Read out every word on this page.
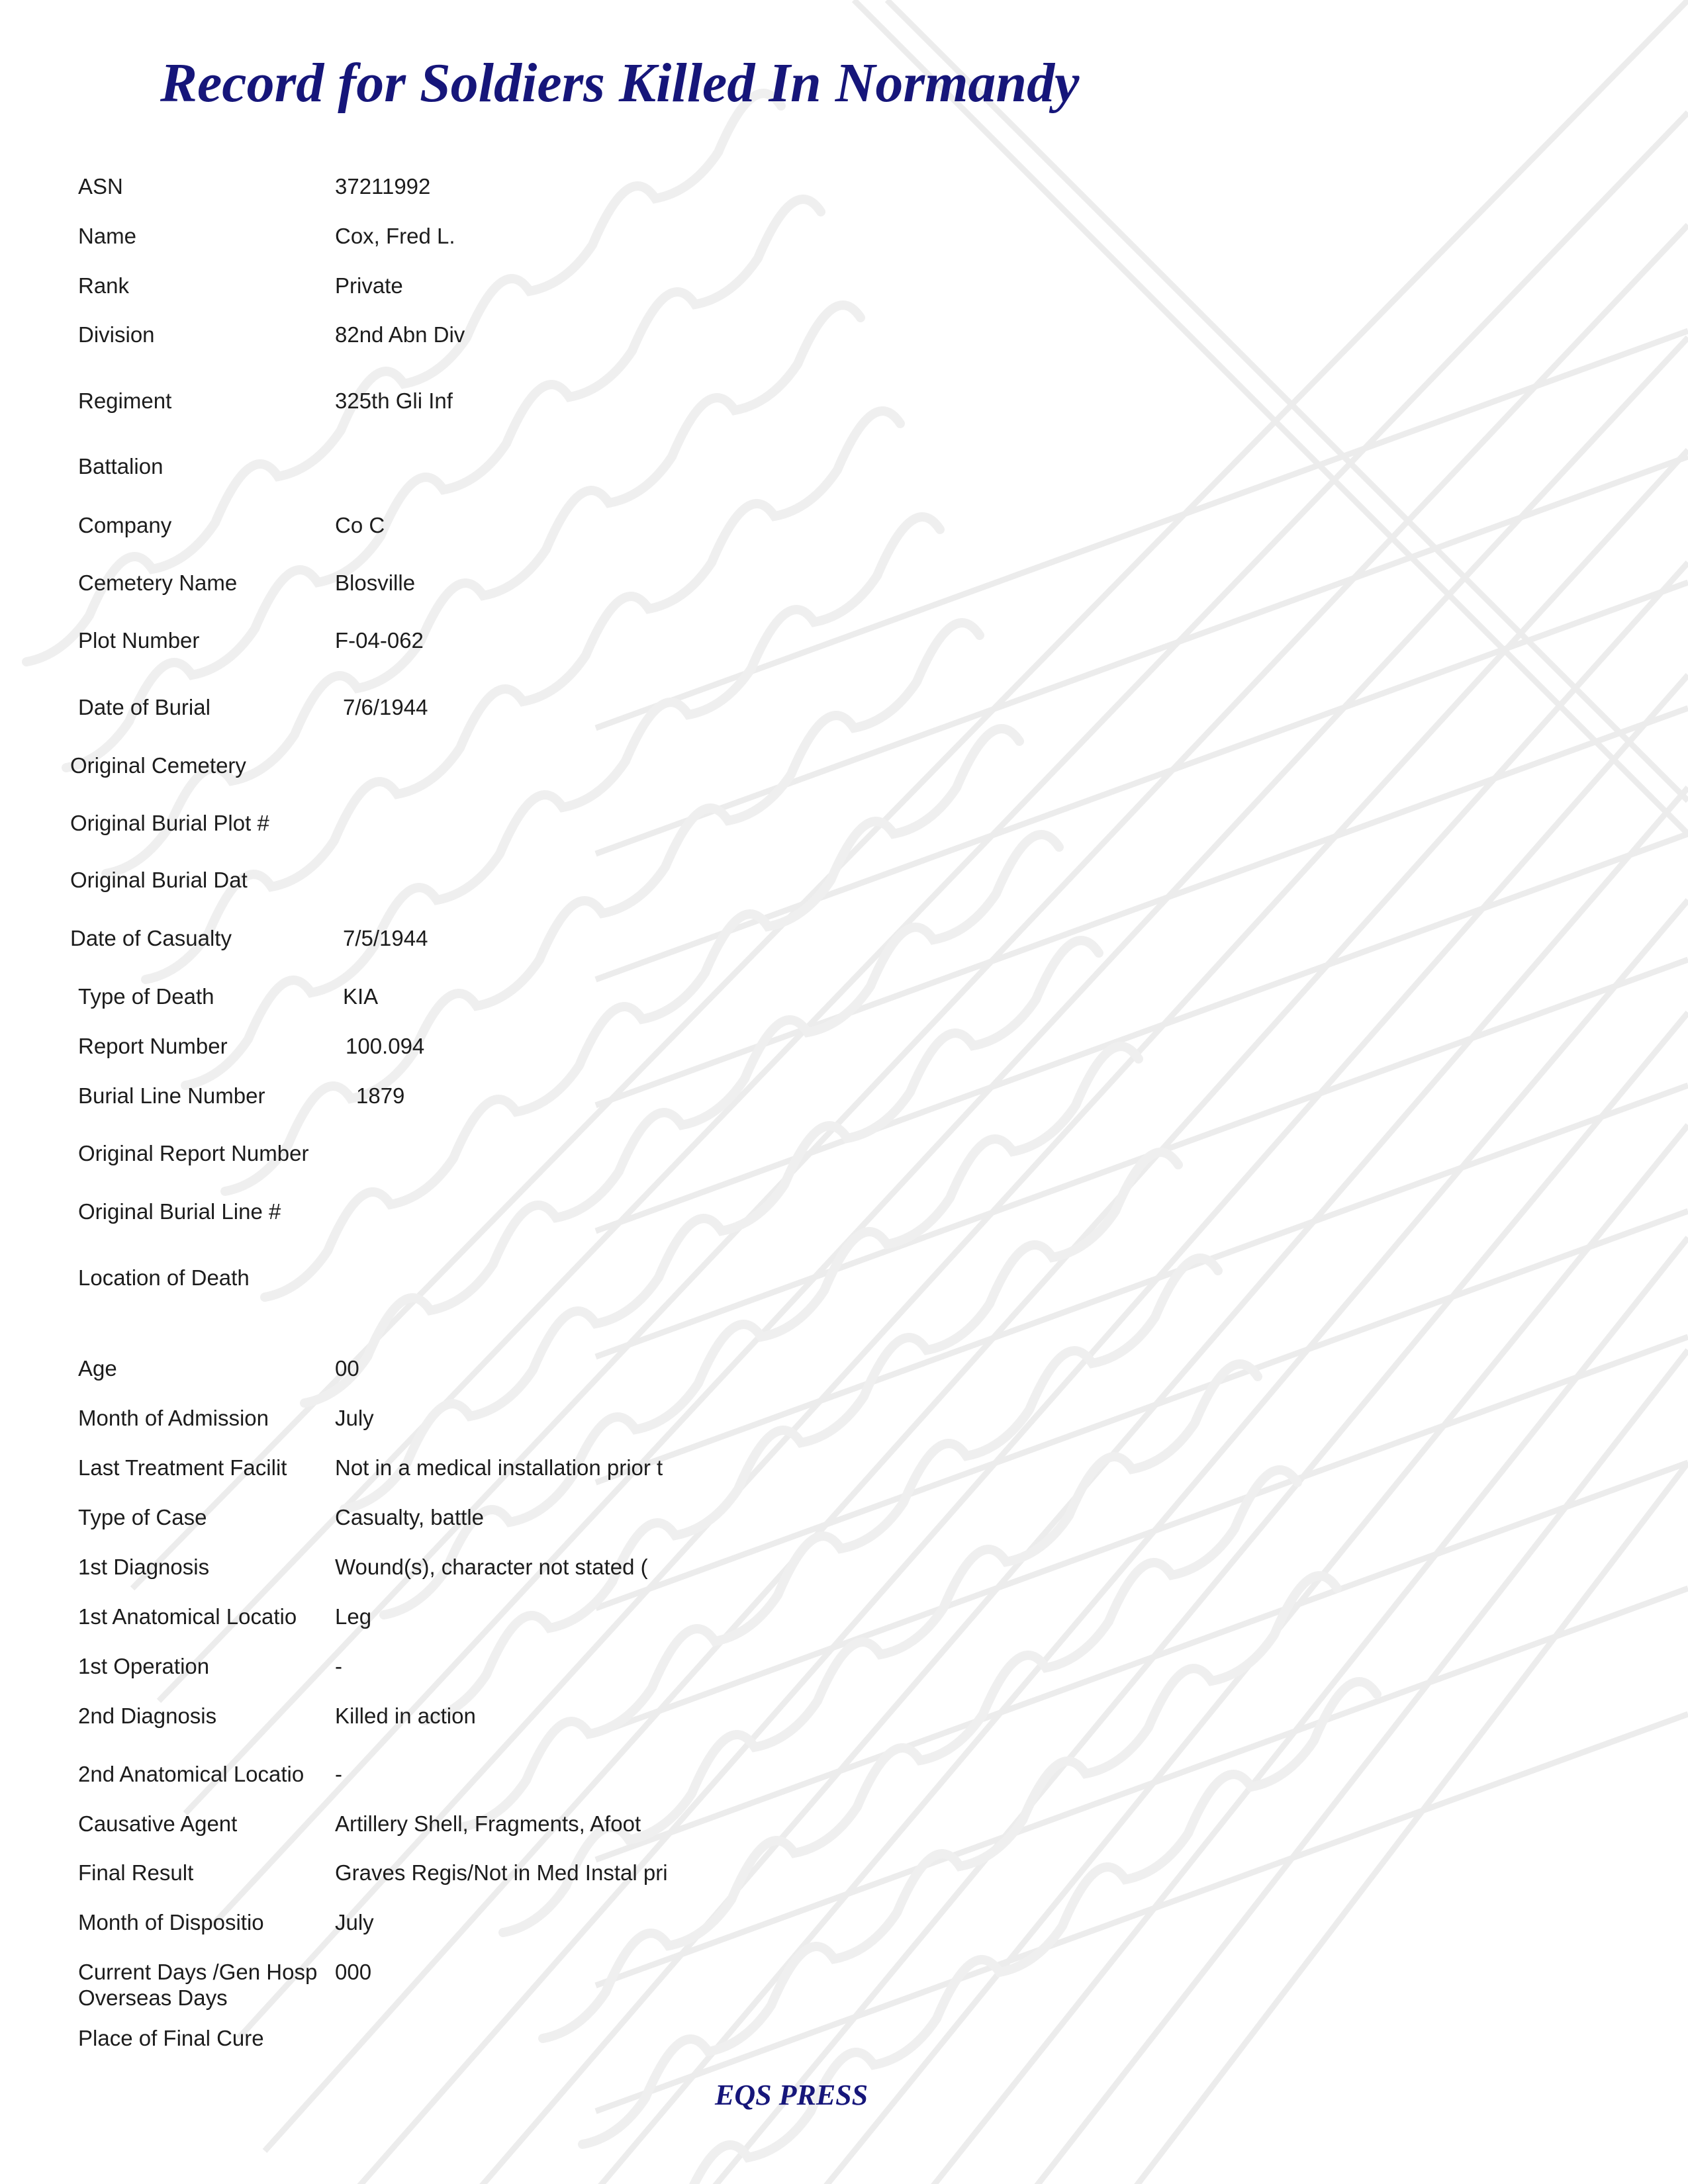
Record for Soldiers Killed In Normandy
ASN	37211992
Name	Cox, Fred L.
Rank	Private
Division	82nd Abn Div
Regiment	325th Gli Inf
Battalion
Company	Co C
Cemetery Name	Blosville
Plot Number	F-04-062
Date of Burial	7/6/1944
Original Cemetery
Original Burial Plot #
Original Burial Dat
Date of Casualty	7/5/1944
Type of Death	KIA
Report Number	100.094
Burial Line Number	1879
Original Report Number
Original Burial Line #
Location of Death
Age	00
Month of Admission	July
Last Treatment Facilit	Not in a medical installation prior t
Type of Case	Casualty, battle
1st Diagnosis	Wound(s), character not stated (
1st Anatomical Locatio	Leg
1st Operation	-
2nd Diagnosis	Killed in action
2nd Anatomical Locatio	-
Causative Agent	Artillery Shell, Fragments, Afoot
Final Result	Graves Regis/Not in Med Instal pri
Month of Dispositio	July
Current Days /Gen Hosp 000
Overseas Days
Place of Final Cure
EQS PRESS
